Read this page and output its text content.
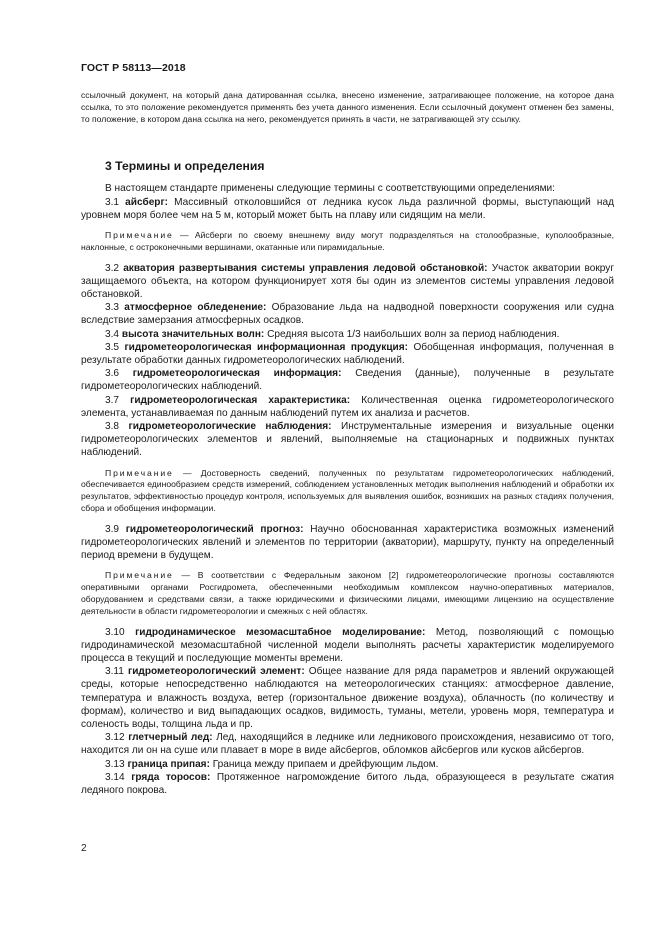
ГОСТ Р 58113—2018

ссылочный документ, на который дана датированная ссылка, внесено изменение, затрагивающее положение, на которое дана ссылка, то это положение рекомендуется применять без учета данного изменения. Если ссылочный документ отменен без замены, то положение, в котором дана ссылка на него, рекомендуется принять в части, не затрагивающей эту ссылку.

3 Термины и определения

В настоящем стандарте применены следующие термины с соответствующими определениями:

3.1 айсберг: Массивный отколовшийся от ледника кусок льда различной формы, выступающий над уровнем моря более чем на 5 м, который может быть на плаву или сидящим на мели.

Примечание — Айсберги по своему внешнему виду могут подразделяться на столообразные, куполообразные, наклонные, с остроконечными вершинами, окатанные или пирамидальные.

3.2 акватория развертывания системы управления ледовой обстановкой: Участок акватории вокруг защищаемого объекта, на котором функционирует хотя бы один из элементов системы управления ледовой обстановкой.

3.3 атмосферное обледенение: Образование льда на надводной поверхности сооружения или судна вследствие замерзания атмосферных осадков.

3.4 высота значительных волн: Средняя высота 1/3 наибольших волн за период наблюдения.

3.5 гидрометеорологическая информационная продукция: Обобщенная информация, полученная в результате обработки данных гидрометеорологических наблюдений.

3.6 гидрометеорологическая информация: Сведения (данные), полученные в результате гидрометеорологических наблюдений.

3.7 гидрометеорологическая характеристика: Количественная оценка гидрометеорологического элемента, устанавливаемая по данным наблюдений путем их анализа и расчетов.

3.8 гидрометеорологические наблюдения: Инструментальные измерения и визуальные оценки гидрометеорологических элементов и явлений, выполняемые на стационарных и подвижных пунктах наблюдений.

Примечание — Достоверность сведений, полученных по результатам гидрометеорологических наблюдений, обеспечивается единообразием средств измерений, соблюдением установленных методик выполнения наблюдений и обработки их результатов, эффективностью процедур контроля, используемых для выявления ошибок, возникших на разных стадиях получения, сбора и обобщения информации.

3.9 гидрометеорологический прогноз: Научно обоснованная характеристика возможных изменений гидрометеорологических явлений и элементов по территории (акватории), маршруту, пункту на определенный период времени в будущем.

Примечание — В соответствии с Федеральным законом [2] гидрометеорологические прогнозы составляются оперативными органами Росгидромета, обеспеченными необходимым комплексом научно-оперативных материалов, оборудованием и средствами связи, а также юридическими и физическими лицами, имеющими лицензию на осуществление деятельности в области гидрометеорологии и смежных с ней областях.

3.10 гидродинамическое мезомасштабное моделирование: Метод, позволяющий с помощью гидродинамической мезомасштабной численной модели выполнять расчеты характеристик моделируемого процесса в текущий и последующие моменты времени.

3.11 гидрометеорологический элемент: Общее название для ряда параметров и явлений окружающей среды, которые непосредственно наблюдаются на метеорологических станциях: атмосферное давление, температура и влажность воздуха, ветер (горизонтальное движение воздуха), облачность (по количеству и формам), количество и вид выпадающих осадков, видимость, туманы, метели, уровень моря, температура и соленость воды, толщина льда и пр.

3.12 глетчерный лед: Лед, находящийся в леднике или ледникового происхождения, независимо от того, находится ли он на суше или плавает в море в виде айсбергов, обломков айсбергов или кусков айсбергов.

3.13 граница припая: Граница между припаем и дрейфующим льдом.

3.14 гряда торосов: Протяженное нагромождение битого льда, образующееся в результате сжатия ледяного покрова.

2
